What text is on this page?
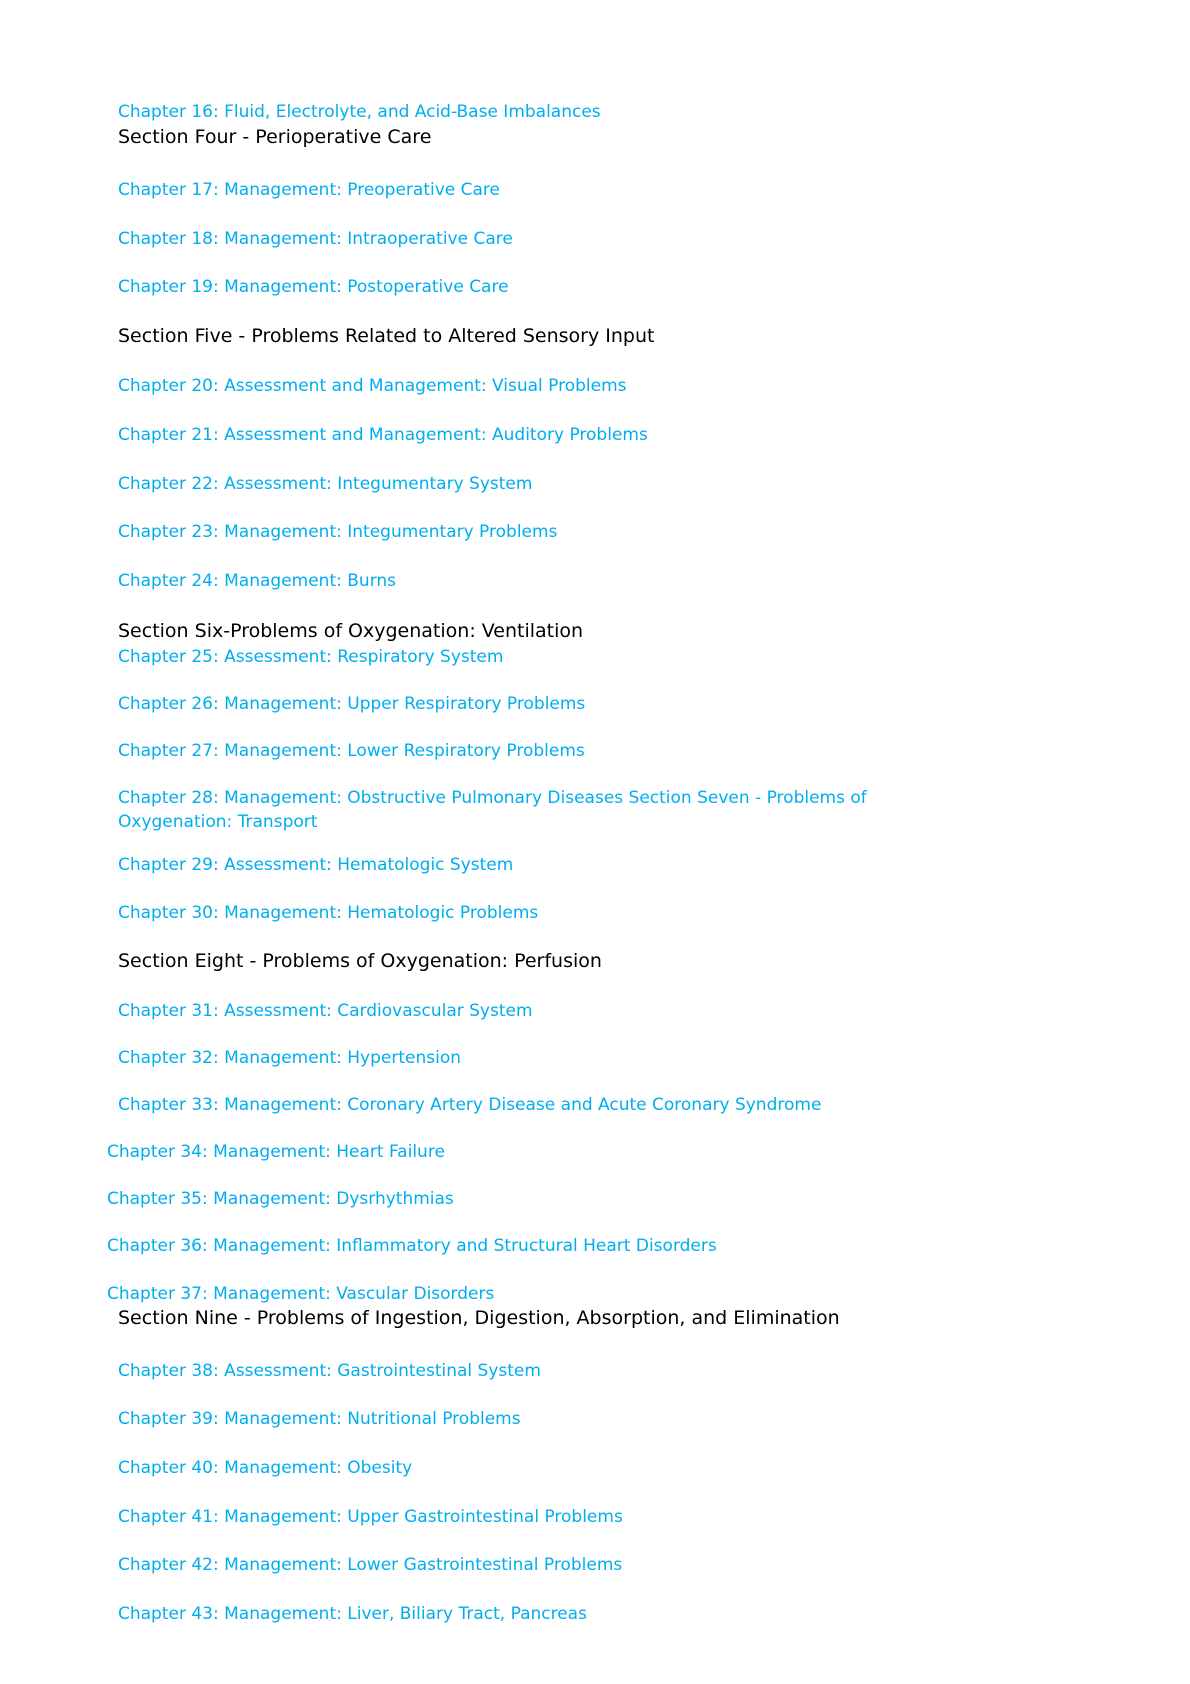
Chapter 16: Fluid, Electrolyte, and Acid-Base Imbalances
Section Four - Perioperative Care
Chapter 17: Management: Preoperative Care
Chapter 18: Management: Intraoperative Care
Chapter 19: Management: Postoperative Care
Section Five - Problems Related to Altered Sensory Input
Chapter 20: Assessment and Management: Visual Problems
Chapter 21: Assessment and Management: Auditory Problems
Chapter 22: Assessment: Integumentary System
Chapter 23: Management: Integumentary Problems
Chapter 24: Management: Burns
Section Six-Problems of Oxygenation: Ventilation
Chapter 25: Assessment: Respiratory System
Chapter 26: Management: Upper Respiratory Problems
Chapter 27: Management: Lower Respiratory Problems
Chapter 28: Management: Obstructive Pulmonary Diseases Section Seven - Problems of Oxygenation: Transport
Chapter 29: Assessment: Hematologic System
Chapter 30: Management: Hematologic Problems
Section Eight - Problems of Oxygenation: Perfusion
Chapter 31: Assessment: Cardiovascular System
Chapter 32: Management: Hypertension
Chapter 33: Management: Coronary Artery Disease and Acute Coronary Syndrome
Chapter 34: Management: Heart Failure
Chapter 35: Management: Dysrhythmias
Chapter 36: Management: Inflammatory and Structural Heart Disorders
Chapter 37: Management: Vascular Disorders
Section Nine - Problems of Ingestion, Digestion, Absorption, and Elimination
Chapter 38: Assessment: Gastrointestinal System
Chapter 39: Management: Nutritional Problems
Chapter 40: Management: Obesity
Chapter 41: Management: Upper Gastrointestinal Problems
Chapter 42: Management: Lower Gastrointestinal Problems
Chapter 43: Management: Liver, Biliary Tract, Pancreas
